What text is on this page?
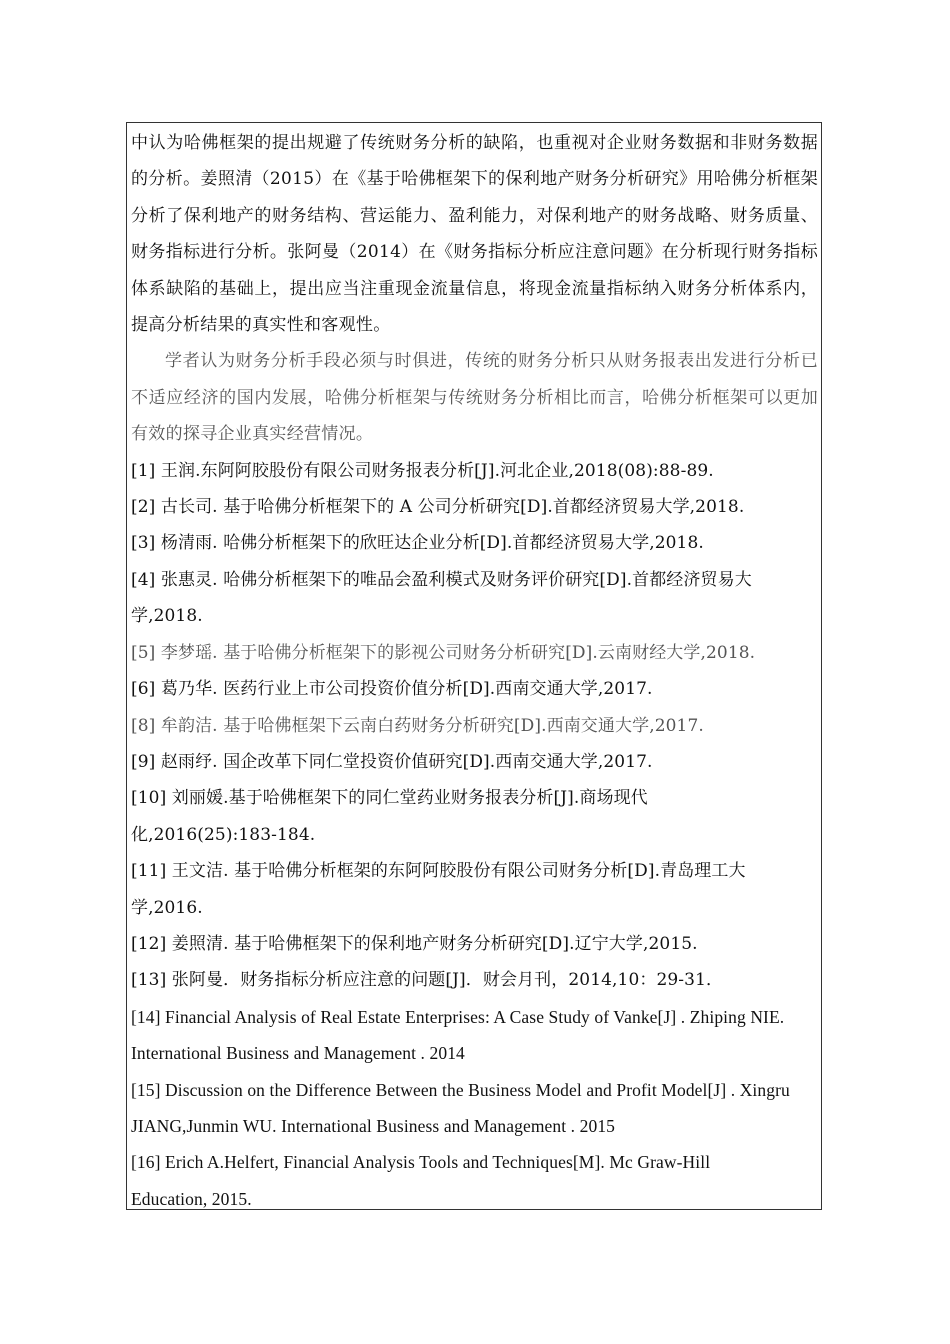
中认为哈佛框架的提出规避了传统财务分析的缺陷，也重视对企业财务数据和非财务数据的分析。姜照清（2015）在《基于哈佛框架下的保利地产财务分析研究》用哈佛分析框架分析了保利地产的财务结构、营运能力、盈利能力，对保利地产的财务战略、财务质量、财务指标进行分析。张阿曼（2014）在《财务指标分析应注意问题》在分析现行财务指标体系缺陷的基础上，提出应当注重现金流量信息，将现金流量指标纳入财务分析体系内，提高分析结果的真实性和客观性。

学者认为财务分析手段必须与时俱进，传统的财务分析只从财务报表出发进行分析已不适应经济的国内发展，哈佛分析框架与传统财务分析相比而言，哈佛分析框架可以更加有效的探寻企业真实经营情况。

[1] 王润.东阿阿胶股份有限公司财务报表分析[J].河北企业,2018(08):88-89.
[2] 古长司. 基于哈佛分析框架下的 A 公司分析研究[D].首都经济贸易大学,2018.
[3] 杨清雨. 哈佛分析框架下的欣旺达企业分析[D].首都经济贸易大学,2018.
[4] 张惠灵. 哈佛分析框架下的唯品会盈利模式及财务评价研究[D].首都经济贸易大学,2018.
[5] 李梦瑶. 基于哈佛分析框架下的影视公司财务分析研究[D].云南财经大学,2018.
[6] 葛乃华. 医药行业上市公司投资价值分析[D].西南交通大学,2017.
[8] 牟韵洁. 基于哈佛框架下云南白药财务分析研究[D].西南交通大学,2017.
[9] 赵雨纾. 国企改革下同仁堂投资价值研究[D].西南交通大学,2017.
[10] 刘丽媛.基于哈佛框架下的同仁堂药业财务报表分析[J].商场现代化,2016(25):183-184.
[11] 王文洁. 基于哈佛分析框架的东阿阿胶股份有限公司财务分析[D].青岛理工大学,2016.
[12] 姜照清. 基于哈佛框架下的保利地产财务分析研究[D].辽宁大学,2015.
[13] 张阿曼．财务指标分析应注意的问题[J]．财会月刊，2014,10：29-31．
[14] Financial Analysis of Real Estate Enterprises: A Case Study of Vanke[J] . Zhiping NIE. International Business and Management . 2014
[15] Discussion on the Difference Between the Business Model and Profit Model[J] . Xingru JIANG,Junmin WU. International Business and Management . 2015
[16] Erich A.Helfert, Financial Analysis Tools and Techniques[M]. Mc Graw-Hill Education, 2015.
